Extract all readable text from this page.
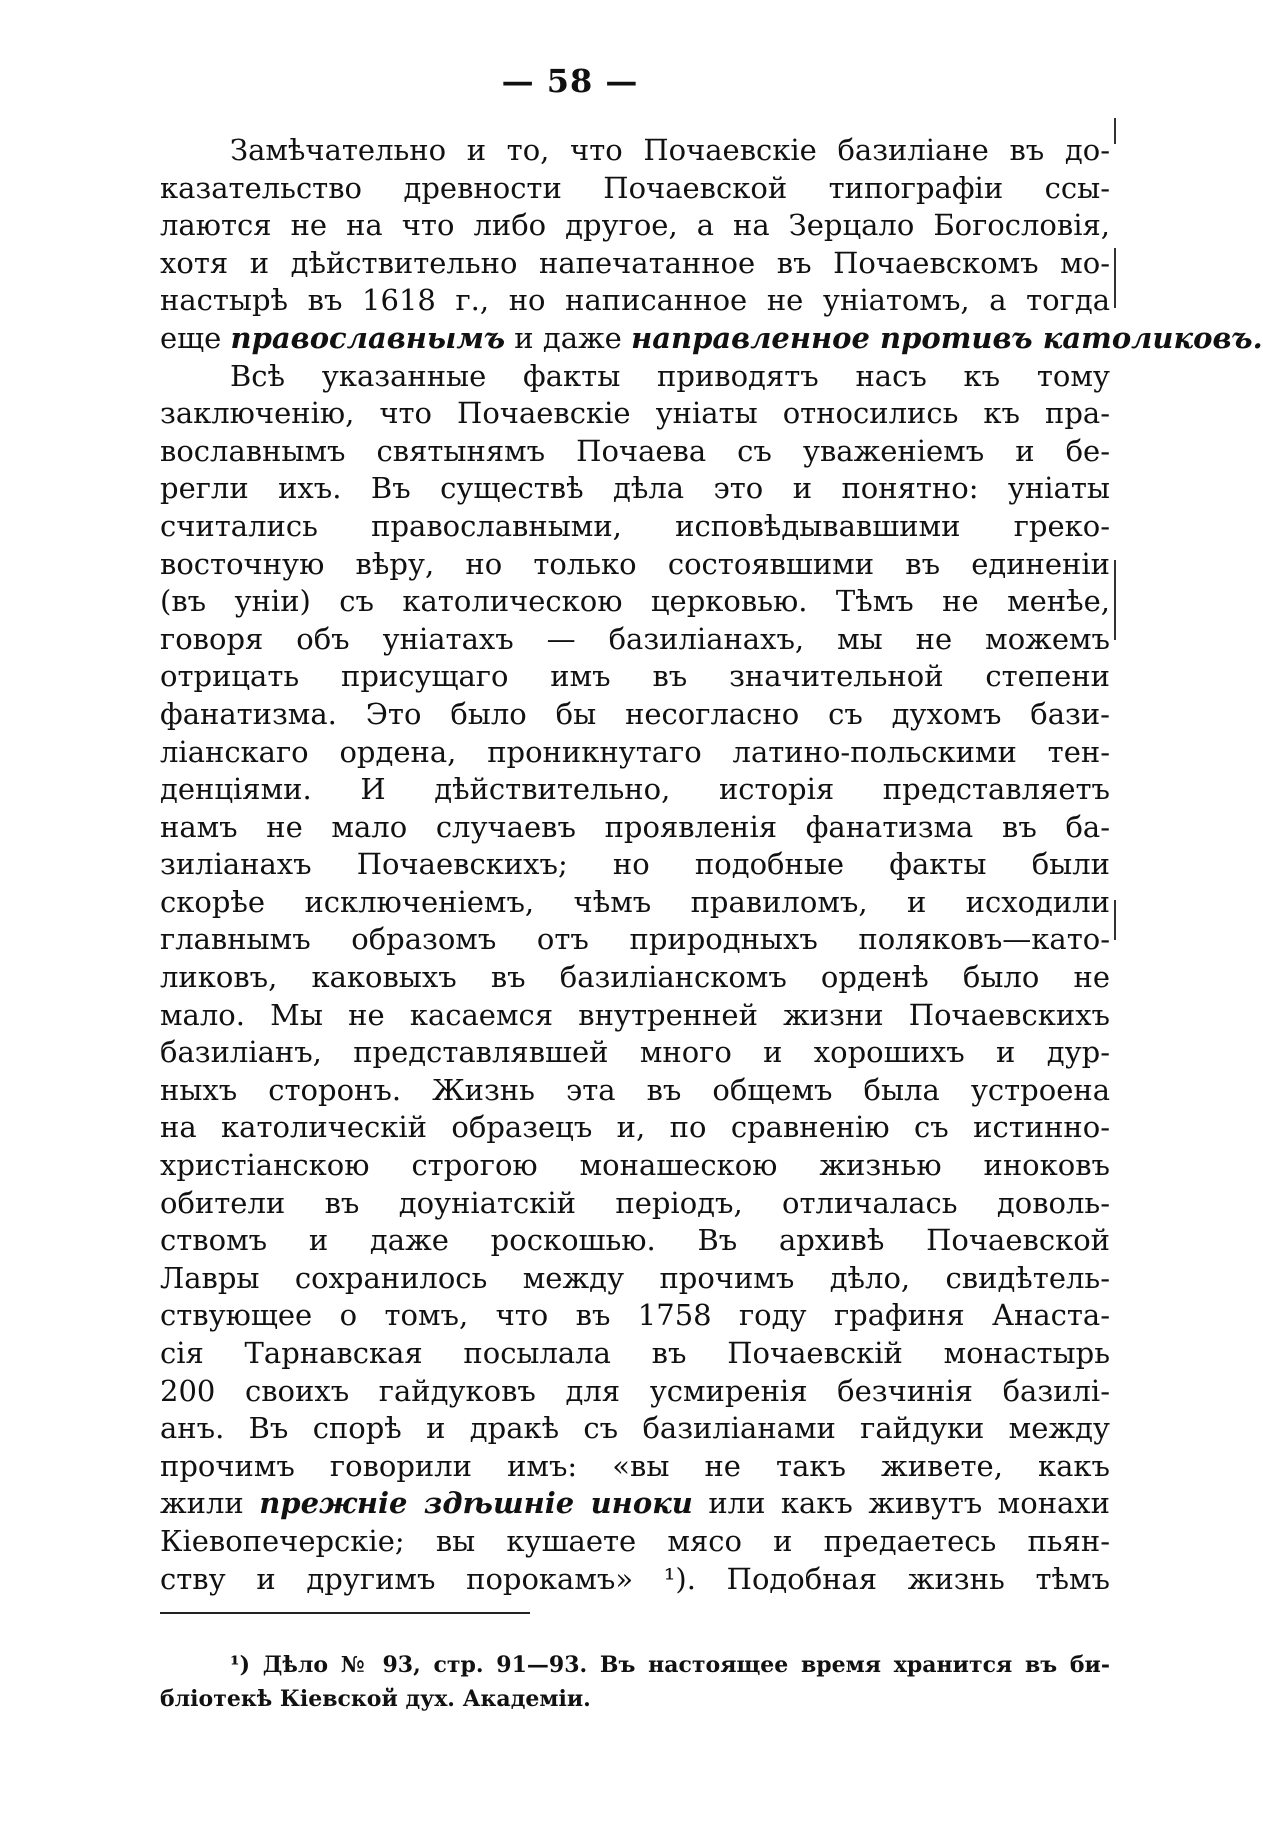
— 58 —
Замѣчательно и то, что Почаевскіе базиліане въ до-
казательство древности Почаевской типографіи ссы-
лаются не на что либо другое, а на Зерцало Богословія,
хотя и дѣйствительно напечатанное въ Почаевскомъ мо-
настырѣ въ 1618 г., но написанное не уніатомъ, а тогда
еще православнымъ и даже направленное противъ католиковъ.
Всѣ указанные факты приводятъ насъ къ тому
заключенію, что Почаевскіе уніаты относились къ пра-
вославнымъ святынямъ Почаева съ уваженіемъ и бе-
регли ихъ. Въ существѣ дѣла это и понятно: уніаты
считались православными, исповѣдывавшими греко-
восточную вѣру, но только состоявшими въ единеніи
(въ уніи) съ католическою церковью. Тѣмъ не менѣе,
говоря объ уніатахъ — базиліанахъ, мы не можемъ
отрицать присущаго имъ въ значительной степени
фанатизма. Это было бы несогласно съ духомъ бази-
ліанскаго ордена, проникнутаго латино-польскими тен-
денціями. И дѣйствительно, исторія представляетъ
намъ не мало случаевъ проявленія фанатизма въ ба-
зиліанахъ Почаевскихъ; но подобные факты были
скорѣе исключеніемъ, чѣмъ правиломъ, и исходили
главнымъ образомъ отъ природныхъ поляковъ—като-
ликовъ, каковыхъ въ базиліанскомъ орденѣ было не
мало. Мы не касаемся внутренней жизни Почаевскихъ
базиліанъ, представлявшей много и хорошихъ и дур-
ныхъ сторонъ. Жизнь эта въ общемъ была устроена
на католическій образецъ и, по сравненію съ истинно-
христіанскою строгою монашескою жизнью иноковъ
обители въ доуніатскій періодъ, отличалась доволь-
ствомъ и даже роскошью. Въ архивѣ Почаевской
Лавры сохранилось между прочимъ дѣло, свидѣтель-
ствующее о томъ, что въ 1758 году графиня Анаста-
сія Тарнавская посылала въ Почаевскій монастырь
200 своихъ гайдуковъ для усмиренія безчинія базилі-
анъ. Въ спорѣ и дракѣ съ базиліанами гайдуки между
прочимъ говорили имъ: «вы не такъ живете, какъ
жили прежніе здѣшніе иноки или какъ живутъ монахи
Кіевопечерскіе; вы кушаете мясо и предаетесь пьян-
ству и другимъ порокамъ» ¹). Подобная жизнь тѣмъ
¹) Дѣло № 93, стр. 91—93. Въ настоящее время хранится въ би-
бліотекѣ Кіевской дух. Академіи.
